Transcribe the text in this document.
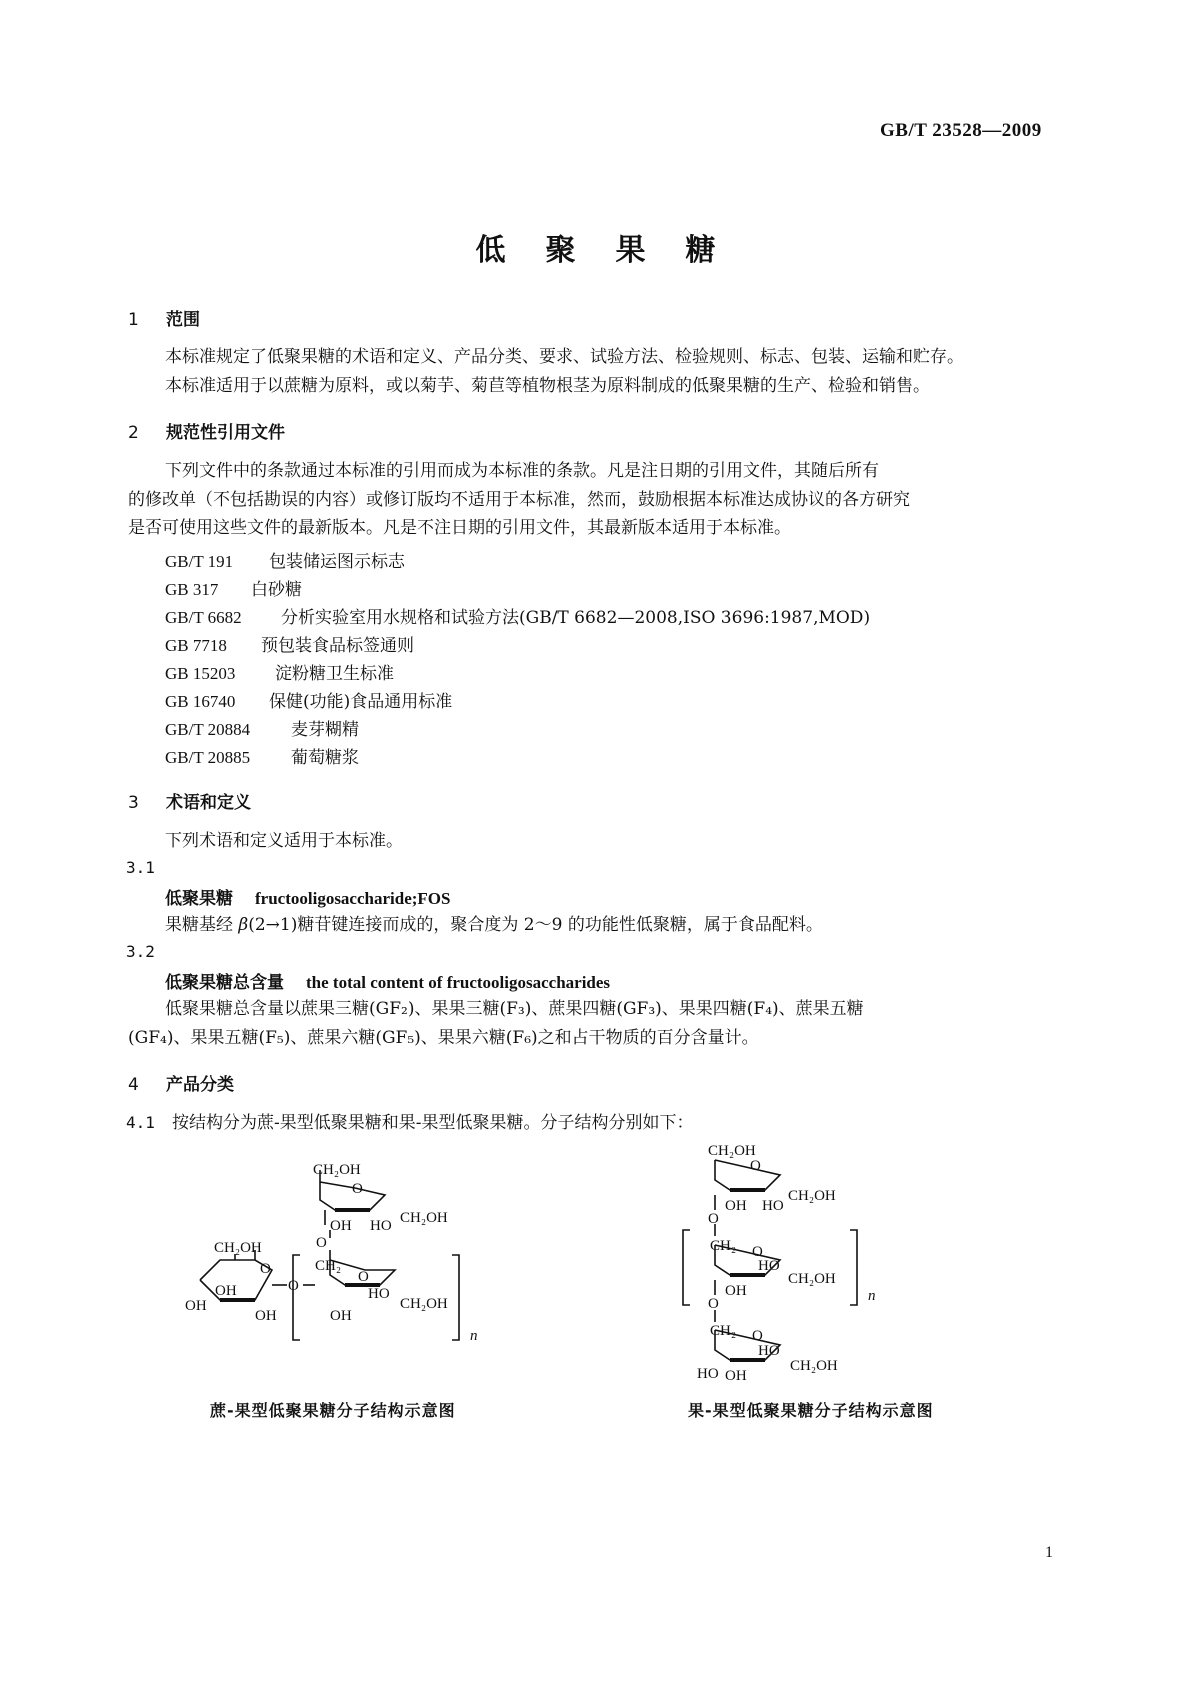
GB/T 23528—2009
低聚果糖
1 范围
本标准规定了低聚果糖的术语和定义、产品分类、要求、试验方法、检验规则、标志、包装、运输和贮存。
本标准适用于以蔗糖为原料，或以菊芋、菊苣等植物根茎为原料制成的低聚果糖的生产、检验和销售。
2 规范性引用文件
下列文件中的条款通过本标准的引用而成为本标准的条款。凡是注日期的引用文件，其随后所有
的修改单（不包括勘误的内容）或修订版均不适用于本标准，然而，鼓励根据本标准达成协议的各方研究
是否可使用这些文件的最新版本。凡是不注日期的引用文件，其最新版本适用于本标准。
GB/T 191 包装储运图示标志
GB 317 白砂糖
GB/T 6682 分析实验室用水规格和试验方法(GB/T 6682—2008,ISO 3696:1987,MOD)
GB 7718 预包装食品标签通则
GB 15203 淀粉糖卫生标准
GB 16740 保健(功能)食品通用标准
GB/T 20884 麦芽糊精
GB/T 20885 葡萄糖浆
3 术语和定义
下列术语和定义适用于本标准。
3.1
低聚果糖 fructooligosaccharide;FOS
果糖基经 β(2→1)糖苷键连接而成的，聚合度为 2～9 的功能性低聚糖，属于食品配料。
3.2
低聚果糖总含量 the total content of fructooligosaccharides
低聚果糖总含量以蔗果三糖(GF₂)、果果三糖(F₃)、蔗果四糖(GF₃)、果果四糖(F₄)、蔗果五糖
(GF₄)、果果五糖(F₅)、蔗果六糖(GF₅)、果果六糖(F₆)之和占干物质的百分含量计。
4 产品分类
4.1 按结构分为蔗-果型低聚果糖和果-果型低聚果糖。分子结构分别如下：
CH₂OH
O
OH HO CH₂OH
O
CH₂OH
CH₂
O
O
OH
OH
OH
O	HO
CH₂OH
OH
n
CH₂OH
O
OH HO
CH₂OH
O
CH₂ O
HO
CH₂OH
OH
O
CH₂ O
HO
CH₂OH
HO OH
n
蔗-果型低聚果糖分子结构示意图	果-果型低聚果糖分子结构示意图
1
